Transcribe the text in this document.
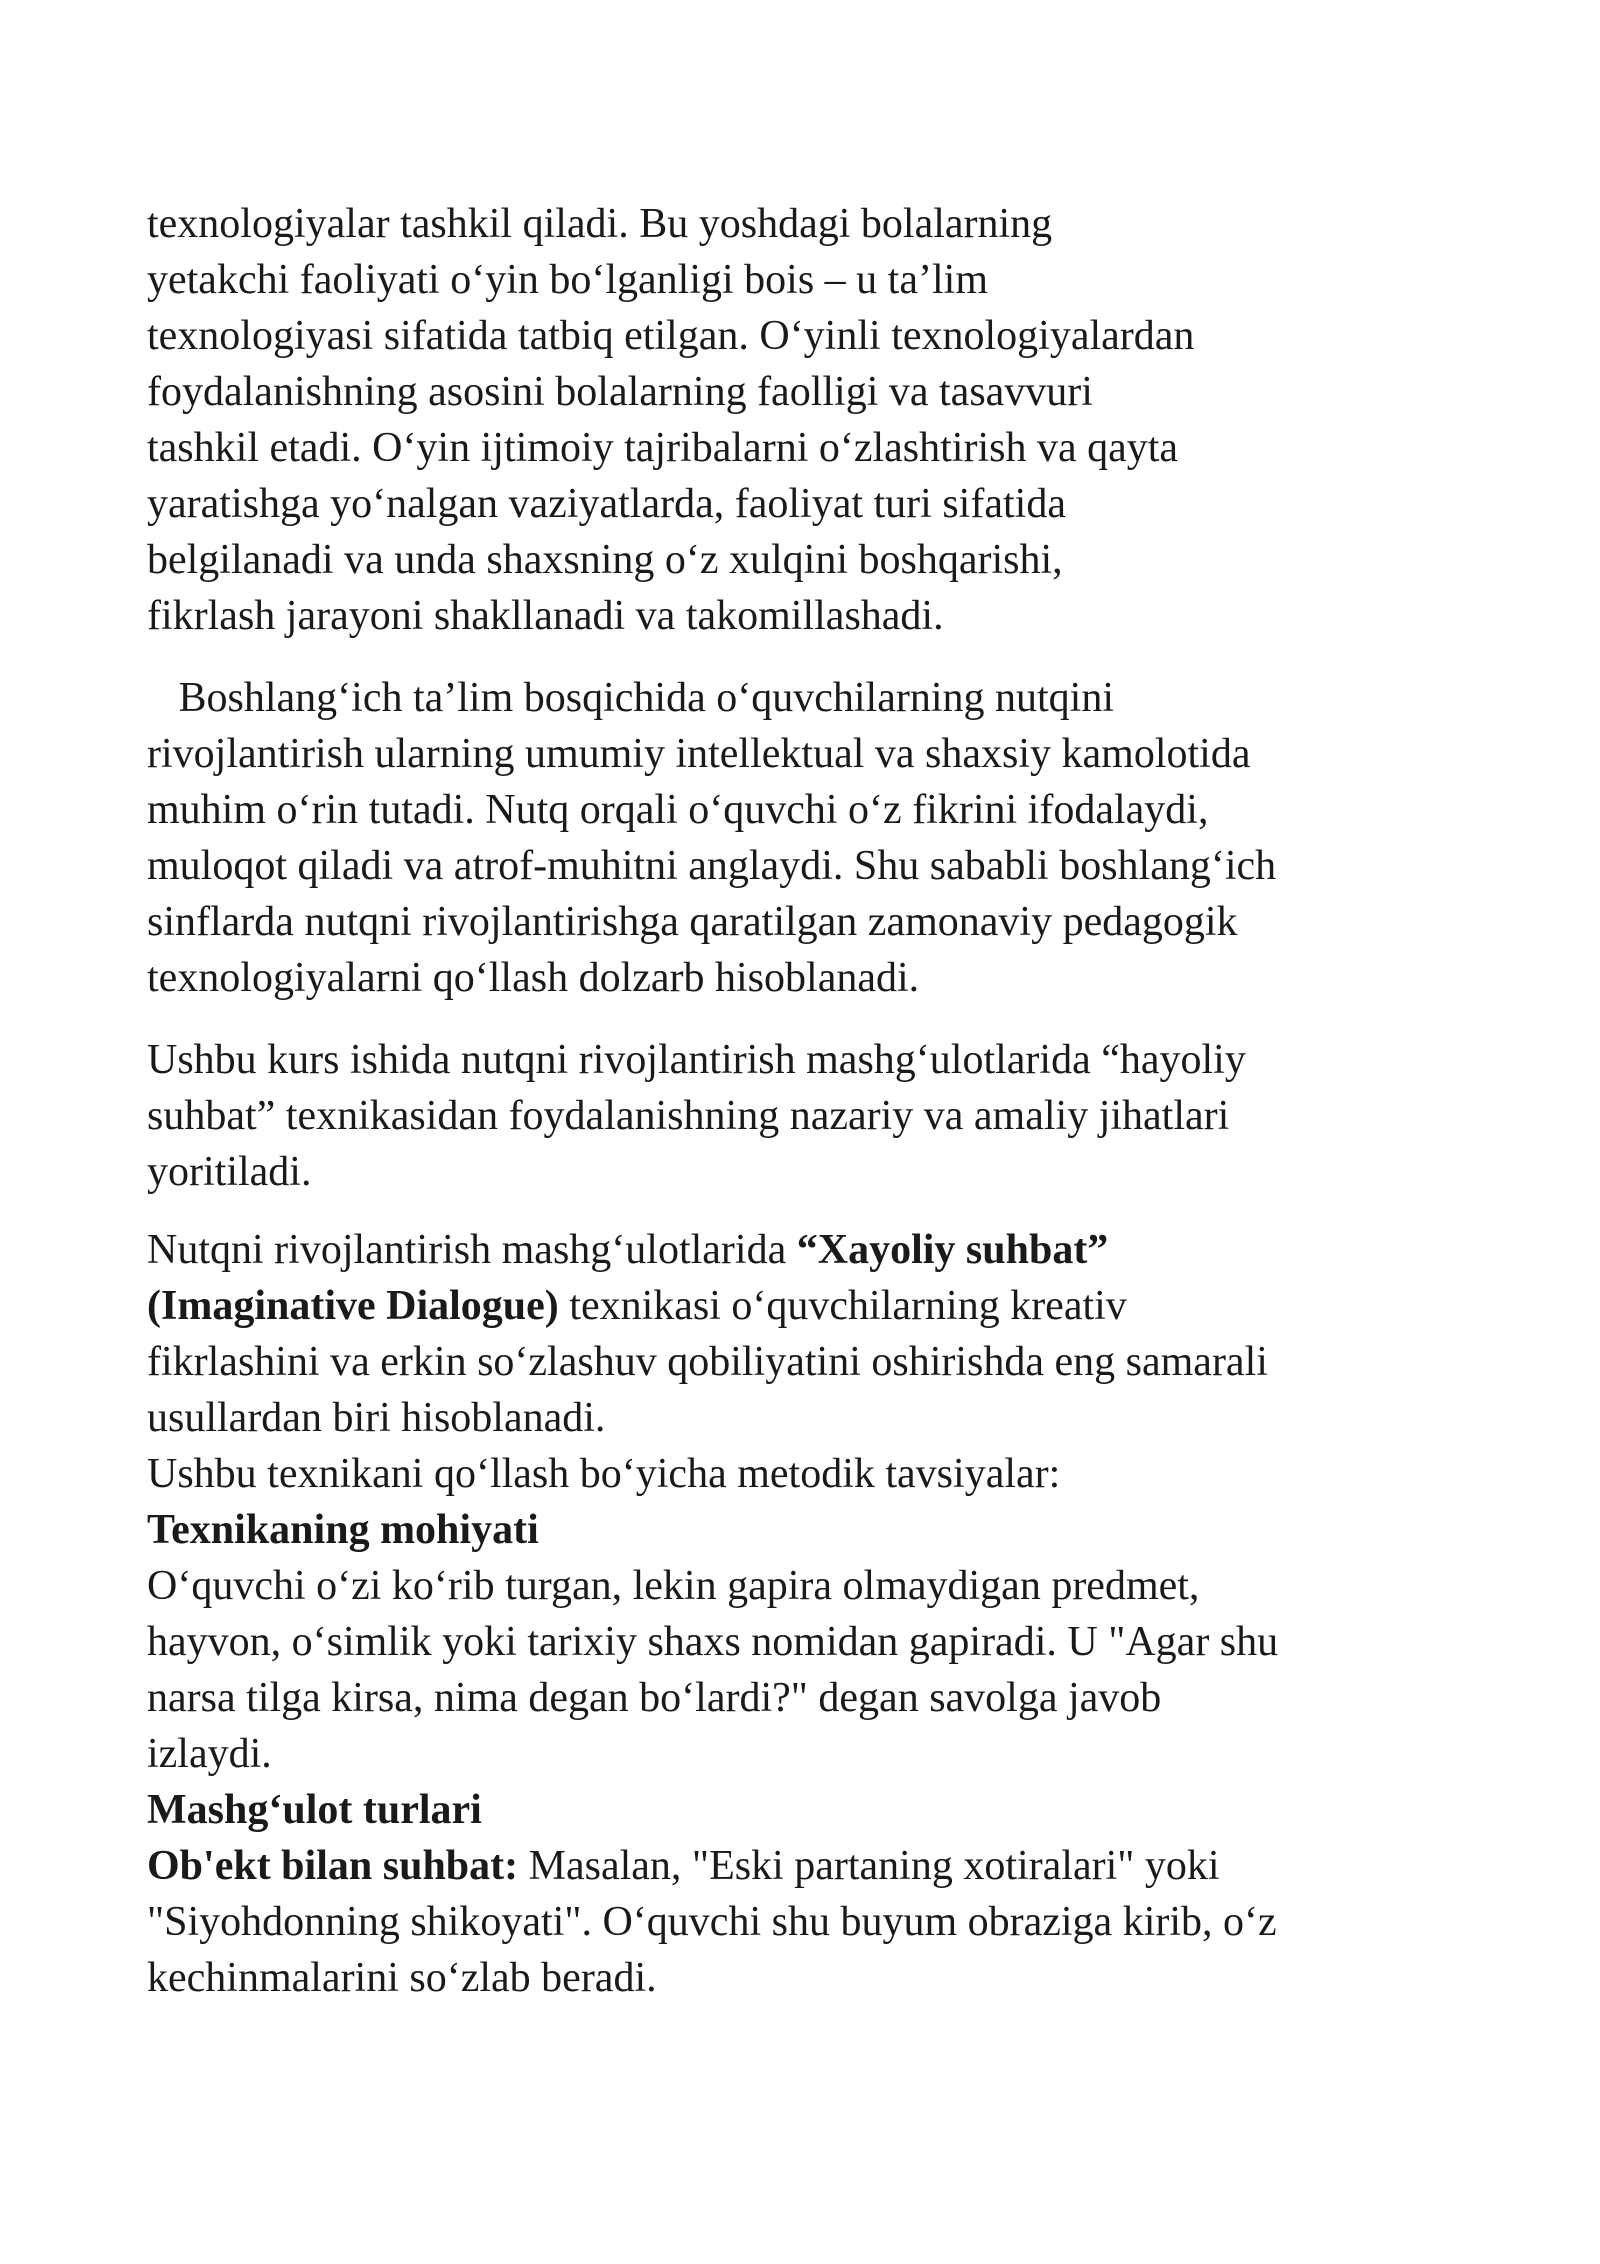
texnologiyalar tashkil qiladi. Bu yoshdagi bolalarning
yetakchi faoliyati o‘yin bo‘lganligi bois – u ta’lim
texnologiyasi sifatida tatbiq etilgan. O‘yinli texnologiyalardan
foydalanishning asosini bolalarning faolligi va tasavvuri
tashkil etadi. O‘yin ijtimoiy tajribalarni o‘zlashtirish va qayta
yaratishga yo‘nalgan vaziyatlarda, faoliyat turi sifatida
belgilanadi va unda shaxsning o‘z xulqini boshqarishi,
fikrlash jarayoni shakllanadi va takomillashadi.
Boshlang‘ich ta’lim bosqichida o‘quvchilarning nutqini
rivojlantirish ularning umumiy intellektual va shaxsiy kamolotida
muhim o‘rin tutadi. Nutq orqali o‘quvchi o‘z fikrini ifodalaydi,
muloqot qiladi va atrof-muhitni anglaydi. Shu sababli boshlang‘ich
sinflarda nutqni rivojlantirishga qaratilgan zamonaviy pedagogik
texnologiyalarni qo‘llash dolzarb hisoblanadi.
Ushbu kurs ishida nutqni rivojlantirish mashg‘ulotlarida “hayoliy
suhbat” texnikasidan foydalanishning nazariy va amaliy jihatlari
yoritiladi.
Nutqni rivojlantirish mashg‘ulotlarida “Xayoliy suhbat”
(Imaginative Dialogue) texnikasi o‘quvchilarning kreativ
fikrlashini va erkin so‘zlashuv qobiliyatini oshirishda eng samarali
usullardan biri hisoblanadi.
Ushbu texnikani qo‘llash bo‘yicha metodik tavsiyalar:
Texnikaning mohiyati
O‘quvchi o‘zi ko‘rib turgan, lekin gapira olmaydigan predmet,
hayvon, o‘simlik yoki tarixiy shaxs nomidan gapiradi. U "Agar shu
narsa tilga kirsa, nima degan bo‘lardi?" degan savolga javob
izlaydi.
Mashg‘ulot turlari
Ob'ekt bilan suhbat: Masalan, "Eski partaning xotiralari" yoki
"Siyohdonning shikoyati". O‘quvchi shu buyum obraziga kirib, o‘z
kechinmalarini so‘zlab beradi.
